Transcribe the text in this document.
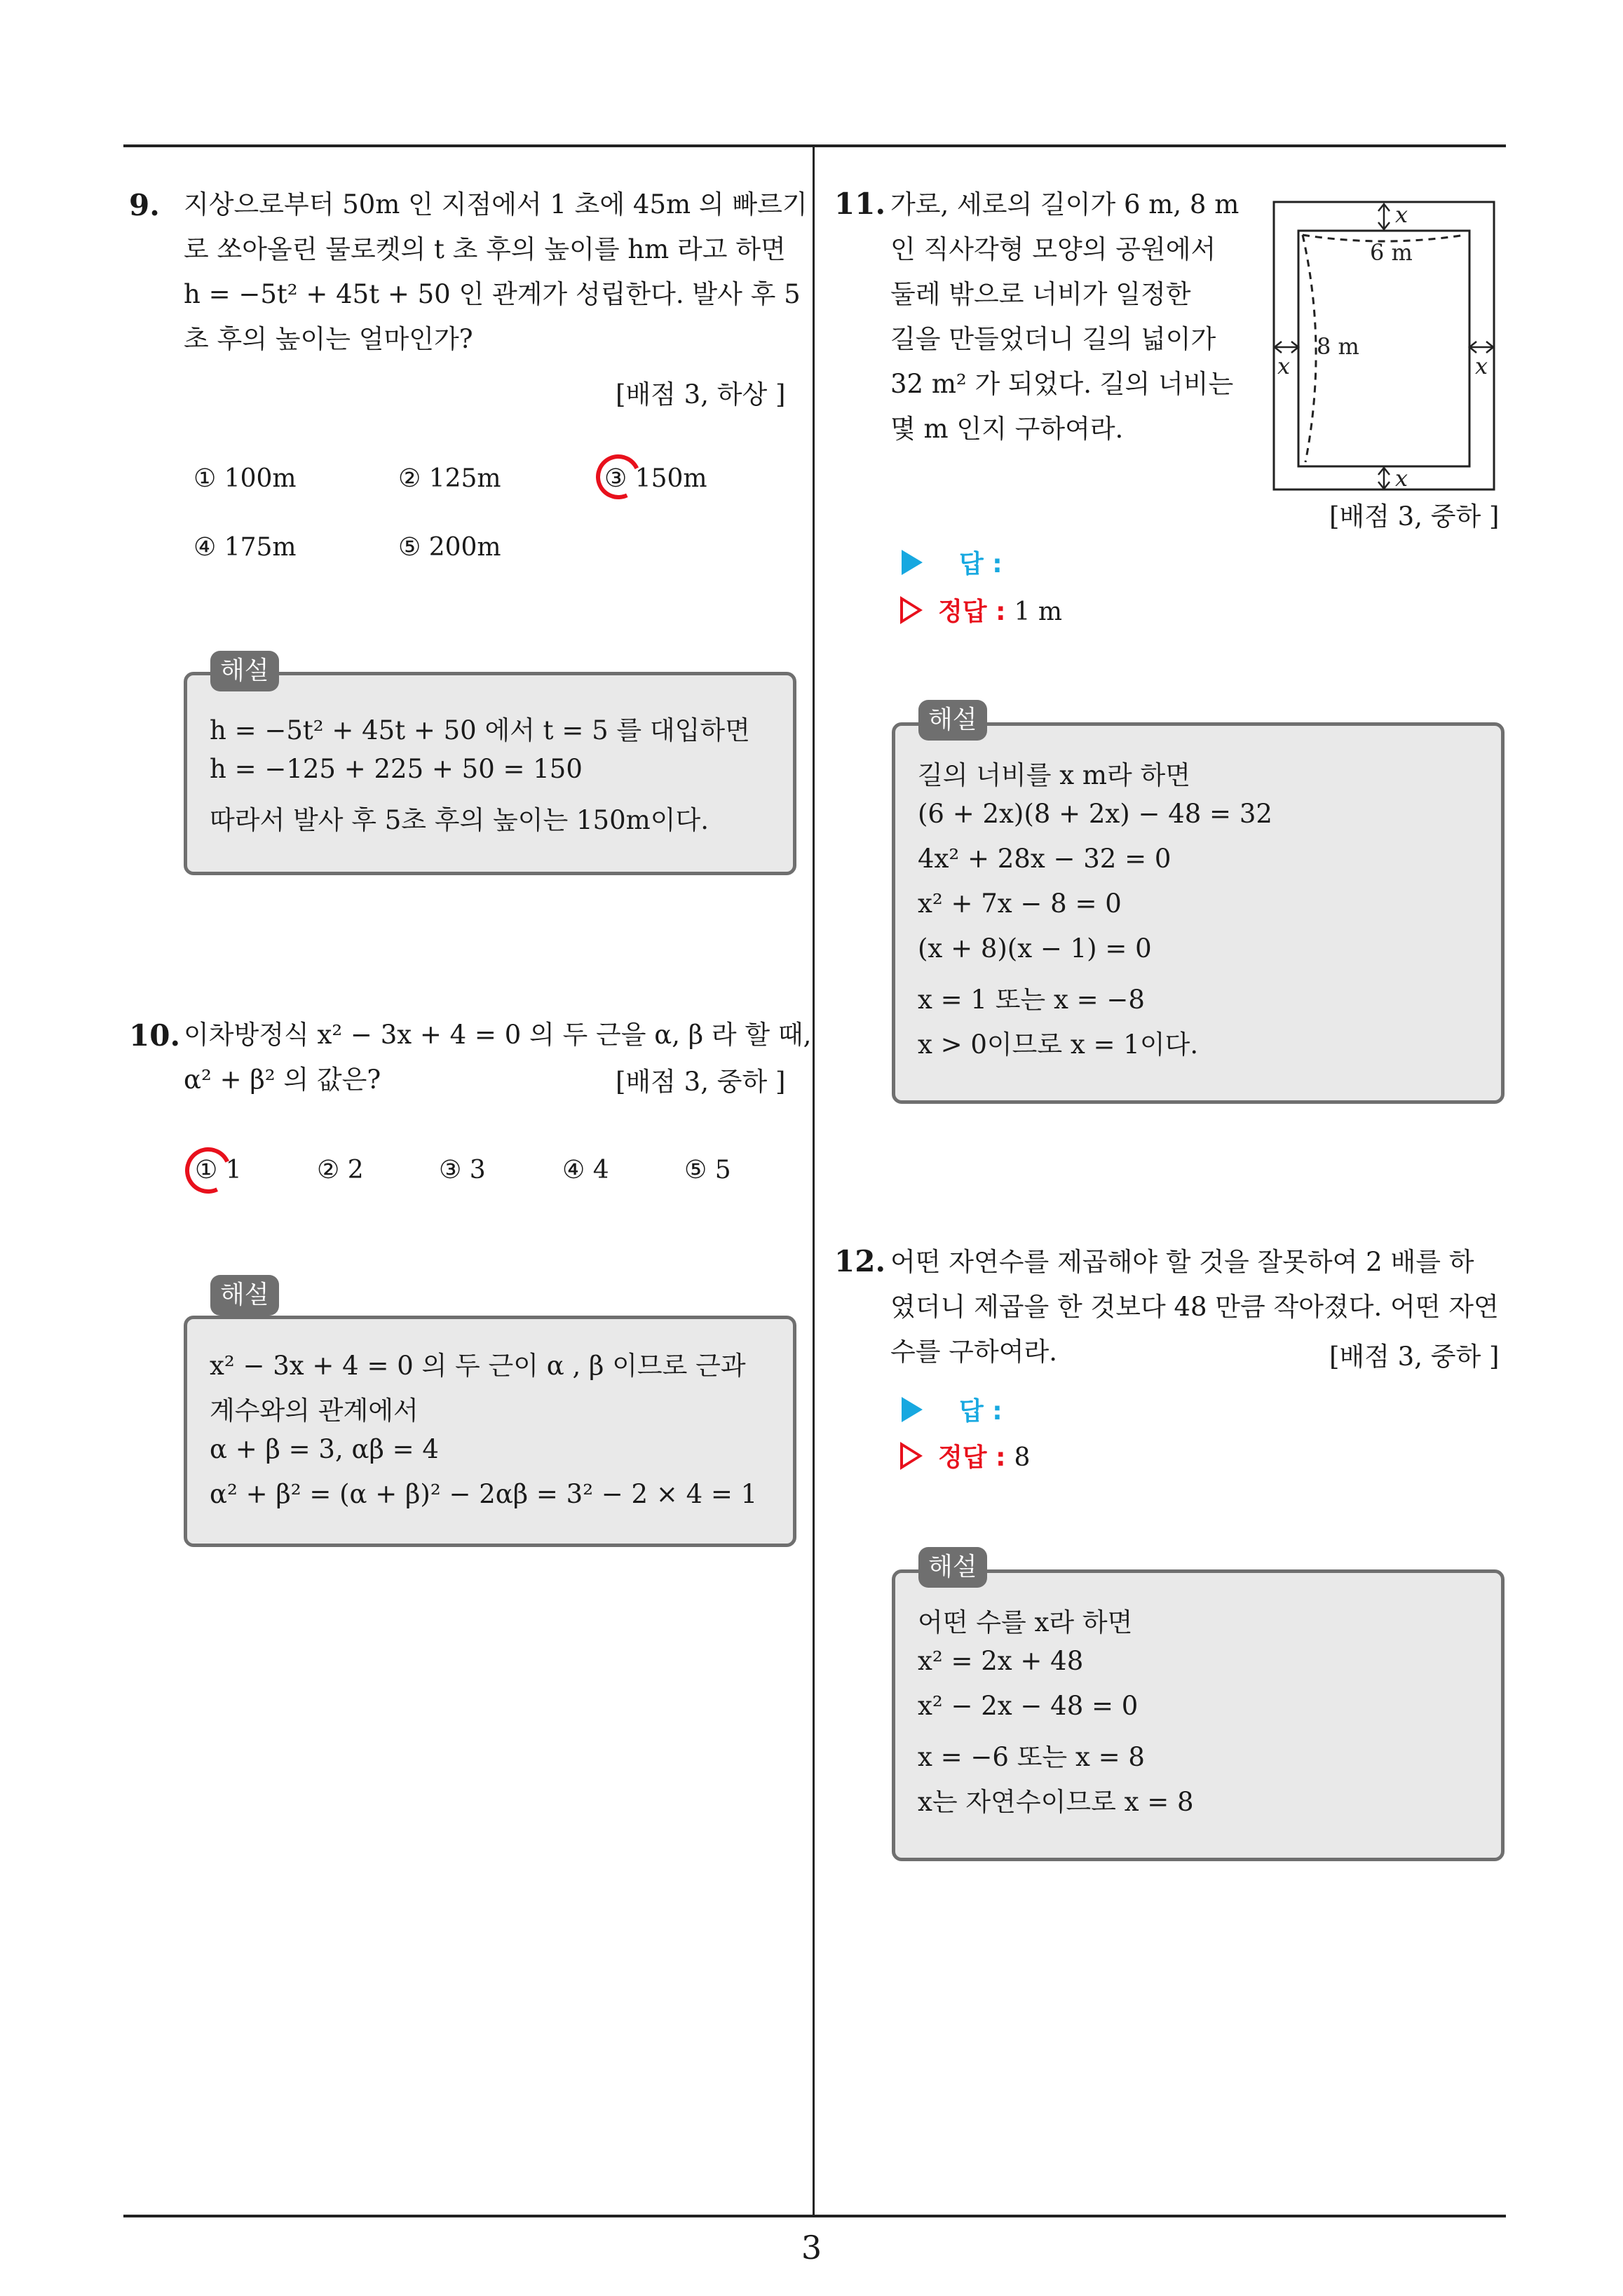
9. 지상으로부터 50m 인 지점에서 1 초에 45m 의 빠르기
로 쏘아올린 물로켓의 t 초 후의 높이를 hm 라고 하면
h = −5t² + 45t + 50 인 관계가 성립한다. 발사 후 5
초 후의 높이는 얼마인가?
[배점 3, 하상 ]
① 100m	② 125m	③ 150m
④ 175m	⑤ 200m
h = −5t² + 45t + 50 에서 t = 5 를 대입하면
h = −125 + 225 + 50 = 150
따라서 발사 후 5초 후의 높이는 150m이다.
해설
10. 이차방정식 x² − 3x + 4 = 0 의 두 근을 α, β 라 할 때,
α² + β² 의 값은?	[배점 3, 중하 ]
① 1	② 2	③ 3	④ 4	⑤ 5
x² − 3x + 4 = 0 의 두 근이 α , β 이므로 근과
계수와의 관계에서
α + β = 3, αβ = 4
α² + β² = (α + β)² − 2αβ = 3² − 2 × 4 = 1
해설
11. 가로, 세로의 길이가 6 m, 8 m
인 직사각형 모양의 공원에서
둘레 밖으로 너비가 일정한
길을 만들었더니 길의 넓이가
32 m² 가 되었다. 길의 너비는
몇 m 인지 구하여라.
x
x
x	x
6 m
8 m
[배점 3, 중하 ]
답 :
정답 : 1 m
길의 너비를 x m라 하면
(6 + 2x)(8 + 2x) − 48 = 32
4x² + 28x − 32 = 0
x² + 7x − 8 = 0
(x + 8)(x − 1) = 0
x = 1 또는 x = −8
x > 0이므로 x = 1이다.
해설
12. 어떤 자연수를 제곱해야 할 것을 잘못하여 2 배를 하
였더니 제곱을 한 것보다 48 만큼 작아졌다. 어떤 자연
수를 구하여라.	[배점 3, 중하 ]
답 :
정답 : 8
어떤 수를 x라 하면
x² = 2x + 48
x² − 2x − 48 = 0
x = −6 또는 x = 8
x는 자연수이므로 x = 8
해설
3
